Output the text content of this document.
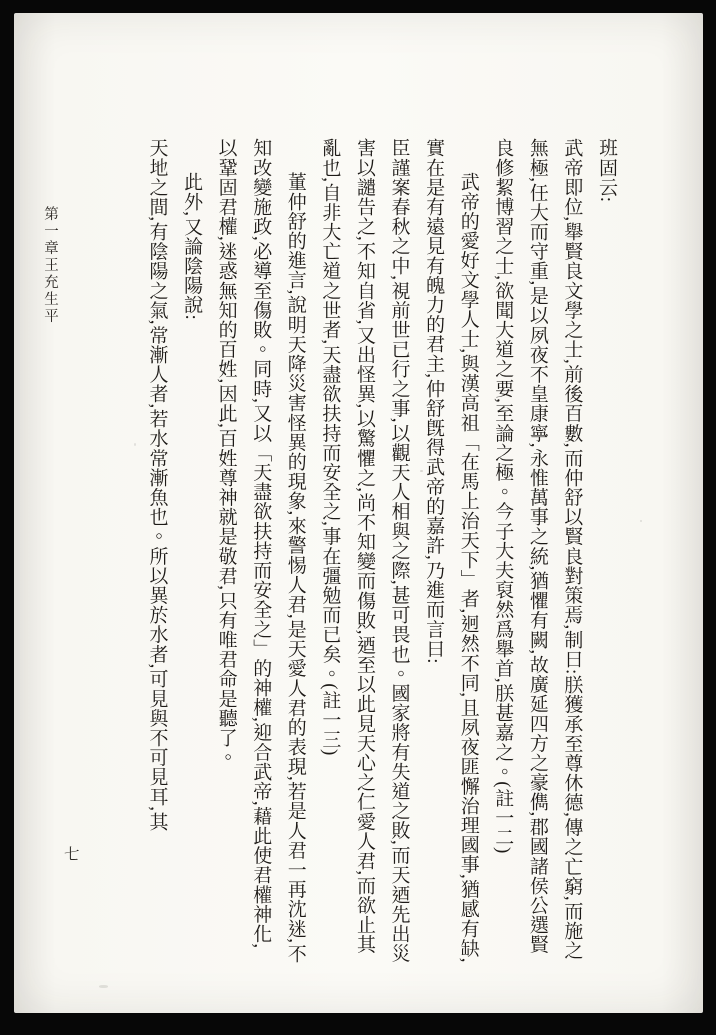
第一章王充生平

班固云:

武帝即位,舉賢良文學之士,前後百數,而仲舒以賢良對策焉,制曰:朕獲承至尊休德,傳之亡窮,而施之無極,任大而守重,是以夙夜不皇康寧,永惟萬事之統,猶懼有闕,故廣延四方之豪儁,郡國諸侯公選賢良修絜博習之士,欲聞大道之要,至論之極。今子大夫裒然爲舉首,朕甚嘉之。(註一二)

武帝的愛好文學人士,與漢高祖「在馬上治天下」者,迥然不同,且夙夜匪懈治理國事,猶感有缺,實在是有遠見有魄力的君主,仲舒旣得武帝的嘉許,乃進而言曰:

臣謹案春秋之中,視前世已行之事,以觀天人相與之際,甚可畏也。國家將有失道之敗,而天迺先出災害以譴告之,不知自省,又出怪異,以驚懼之,尚不知變而傷敗,迺至以此見天心之仁愛人君,而欲止其亂也,自非大亡道之世者,天盡欲扶持而安全之,事在彊勉而已矣。(註一三)

董仲舒的進言,說明天降災害怪異的現象,來警惕人君,是天愛人君的表現,若是人君一再沈迷,不知改變施政,必導至傷敗。同時,又以「天盡欲扶持而安全之」的神權,迎合武帝,藉此使君權神化,以鞏固君權,迷惑無知的百姓,因此,百姓尊神就是敬君,只有唯君命是聽了。

此外,又論陰陽說:

天地之間,有陰陽之氣,常漸人者,若水常漸魚也。所以異於水者,可見與不可見耳,其

七
